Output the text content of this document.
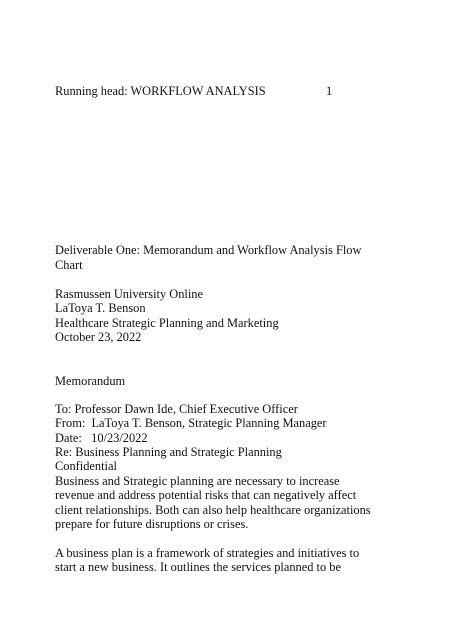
Running head: WORKFLOW ANALYSIS	1
Deliverable One: Memorandum and Workflow Analysis Flow
Chart
Rasmussen University Online
LaToya T. Benson
Healthcare Strategic Planning and Marketing
October 23, 2022
Memorandum
To: Professor Dawn Ide, Chief Executive Officer
From:  LaToya T. Benson, Strategic Planning Manager
Date:   10/23/2022
Re: Business Planning and Strategic Planning
Confidential
Business and Strategic planning are necessary to increase
revenue and address potential risks that can negatively affect
client relationships. Both can also help healthcare organizations
prepare for future disruptions or crises.
A business plan is a framework of strategies and initiatives to
start a new business. It outlines the services planned to be
